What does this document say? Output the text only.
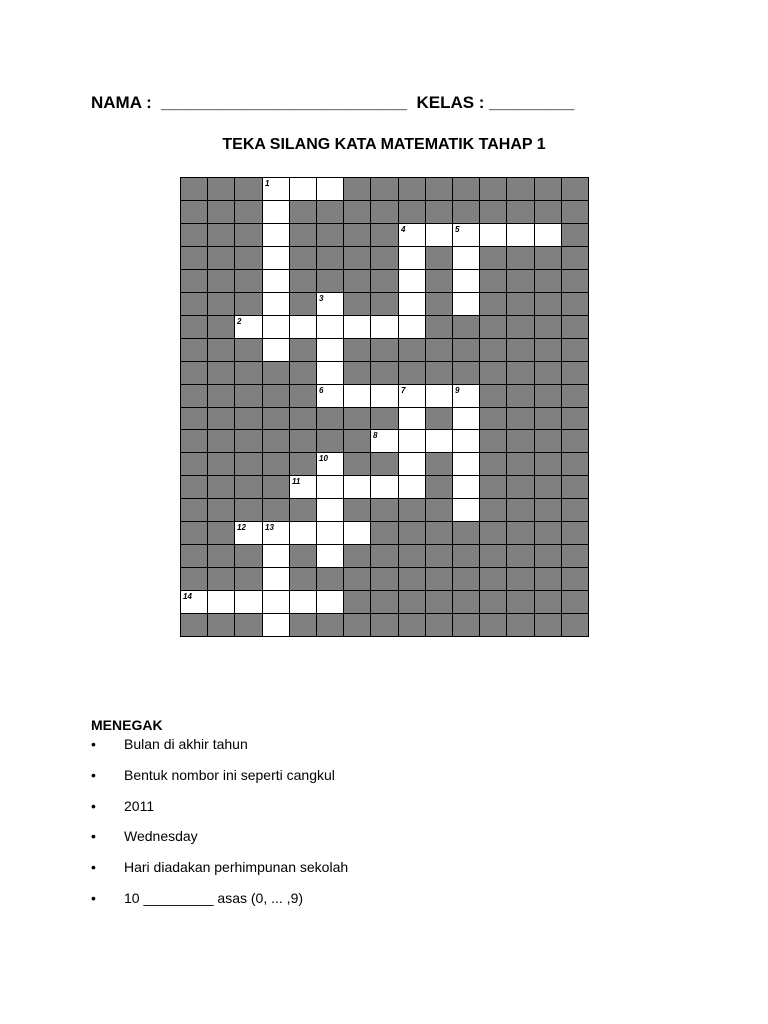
NAMA :  __________________________  KELAS : _________
TEKA SILANG KATA MATEMATIK TAHAP 1
1
4	5
3
2
6	7	9
8
10
11
12 13
14
MENEGAK
• Bulan di akhir tahun
• Bentuk nombor ini seperti cangkul
• 2011
• Wednesday
• Hari diadakan perhimpunan sekolah
• 10 _________ asas (0, ... ,9)
